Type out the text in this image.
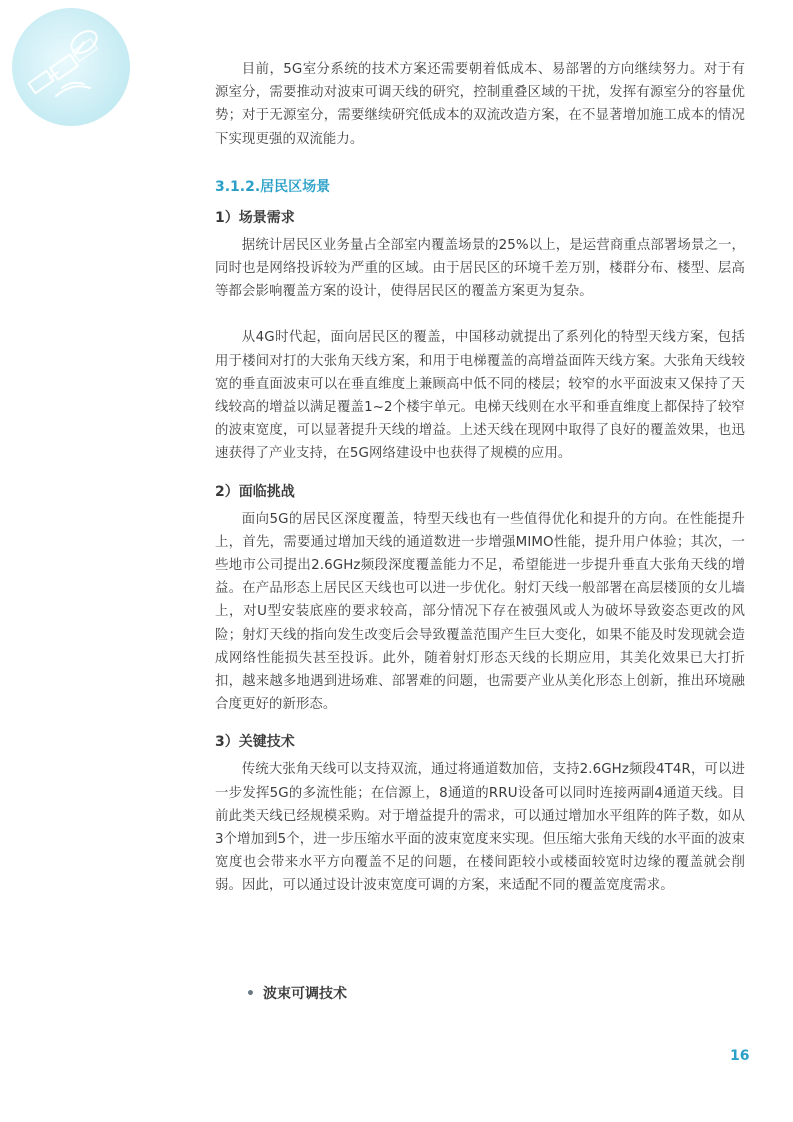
目前，5G室分系统的技术方案还需要朝着低成本、易部署的方向继续努力。对于有源室分，需要推动对波束可调天线的研究，控制重叠区域的干扰，发挥有源室分的容量优势；对于无源室分，需要继续研究低成本的双流改造方案，在不显著增加施工成本的情况下实现更强的双流能力。

3.1.2.居民区场景
1）场景需求

据统计居民区业务量占全部室内覆盖场景的25%以上，是运营商重点部署场景之一，同时也是网络投诉较为严重的区域。由于居民区的环境千差万别，楼群分布、楼型、层高等都会影响覆盖方案的设计，使得居民区的覆盖方案更为复杂。

从4G时代起，面向居民区的覆盖，中国移动就提出了系列化的特型天线方案，包括用于楼间对打的大张角天线方案，和用于电梯覆盖的高增益面阵天线方案。大张角天线较宽的垂直面波束可以在垂直维度上兼顾高中低不同的楼层；较窄的水平面波束又保持了天线较高的增益以满足覆盖1~2个楼宇单元。电梯天线则在水平和垂直维度上都保持了较窄的波束宽度，可以显著提升天线的增益。上述天线在现网中取得了良好的覆盖效果，也迅速获得了产业支持，在5G网络建设中也获得了规模的应用。

2）面临挑战

面向5G的居民区深度覆盖，特型天线也有一些值得优化和提升的方向。在性能提升上，首先，需要通过增加天线的通道数进一步增强MIMO性能，提升用户体验；其次，一些地市公司提出2.6GHz频段深度覆盖能力不足，希望能进一步提升垂直大张角天线的增益。在产品形态上居民区天线也可以进一步优化。射灯天线一般部署在高层楼顶的女儿墙上，对U型安装底座的要求较高，部分情况下存在被强风或人为破坏导致姿态更改的风险；射灯天线的指向发生改变后会导致覆盖范围产生巨大变化，如果不能及时发现就会造成网络性能损失甚至投诉。此外，随着射灯形态天线的长期应用，其美化效果已大打折扣，越来越多地遇到进场难、部署难的问题，也需要产业从美化形态上创新，推出环境融合度更好的新形态。

3）关键技术

传统大张角天线可以支持双流，通过将通道数加倍，支持2.6GHz频段4T4R，可以进一步发挥5G的多流性能；在信源上，8通道的RRU设备可以同时连接两副4通道天线。目前此类天线已经规模采购。对于增益提升的需求，可以通过增加水平组阵的阵子数，如从3个增加到5个，进一步压缩水平面的波束宽度来实现。但压缩大张角天线的水平面的波束宽度也会带来水平方向覆盖不足的问题，在楼间距较小或楼面较宽时边缘的覆盖就会削弱。因此，可以通过设计波束宽度可调的方案，来适配不同的覆盖宽度需求。

• 波束可调技术
16
